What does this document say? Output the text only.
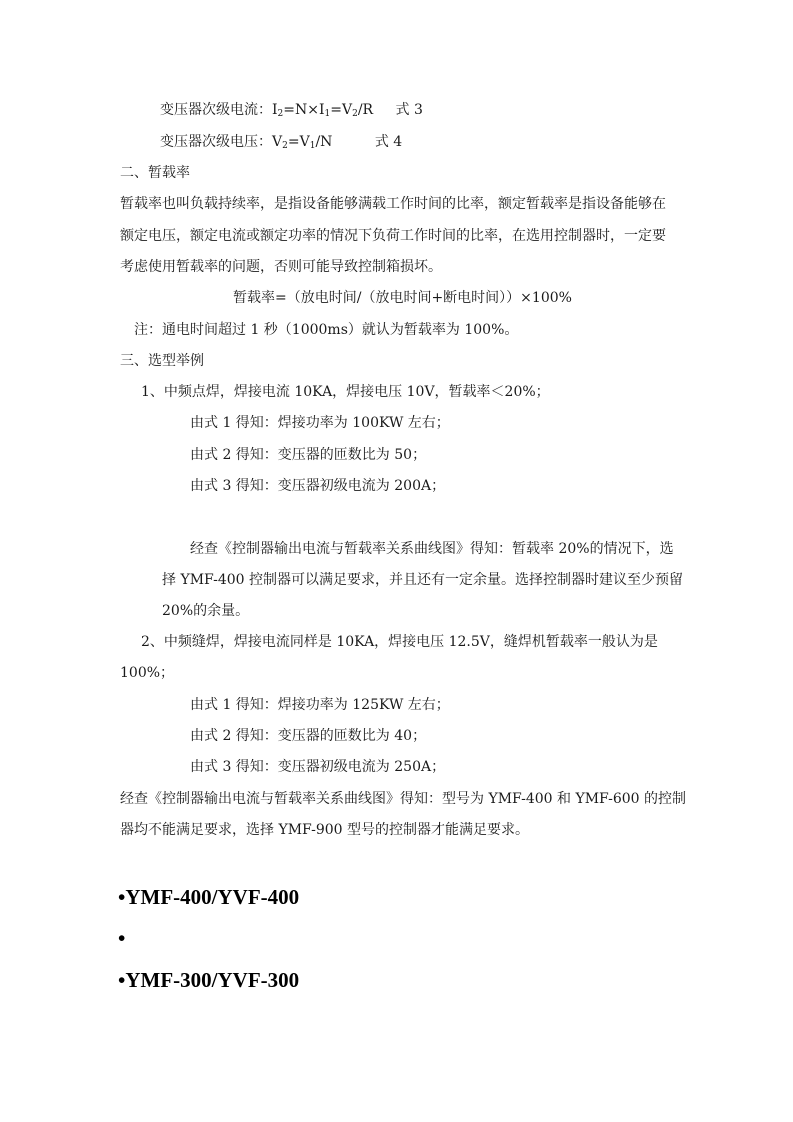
变压器次级电流：$I_2=N\times I_1=V_2/R$ 式 3
变压器次级电压：$V_2=V_1/N$	式 4
二、暂载率
暂载率也叫负载持续率，是指设备能够满载工作时间的比率，额定暂载率是指设备能够在
额定电压，额定电流或额定功率的情况下负荷工作时间的比率，在选用控制器时，一定要
考虑使用暂载率的问题，否则可能导致控制箱损坏。
暂载率=（放电时间/（放电时间+断电时间））×100%
注：通电时间超过 1 秒（1000ms）就认为暂载率为 100%。
三、选型举例
1、中频点焊，焊接电流 10KA，焊接电压 10V，暂载率＜20%；
由式 1 得知：焊接功率为 100KW 左右；
由式 2 得知：变压器的匝数比为 50；
由式 3 得知：变压器初级电流为 200A；
经查《控制器输出电流与暂载率关系曲线图》得知：暂载率 20%的情况下，选
择 YMF-400 控制器可以满足要求，并且还有一定余量。选择控制器时建议至少预留
20%的余量。
2、中频缝焊，焊接电流同样是 10KA，焊接电压 12.5V，缝焊机暂载率一般认为是
100%；
由式 1 得知：焊接功率为 125KW 左右；
由式 2 得知：变压器的匝数比为 40；
由式 3 得知：变压器初级电流为 250A；
经查《控制器输出电流与暂载率关系曲线图》得知：型号为 YMF-400 和 YMF-600 的控制
器均不能满足要求，选择 YMF-900 型号的控制器才能满足要求。
•YMF-400/YVF-400
•
•YMF-300/YVF-300
